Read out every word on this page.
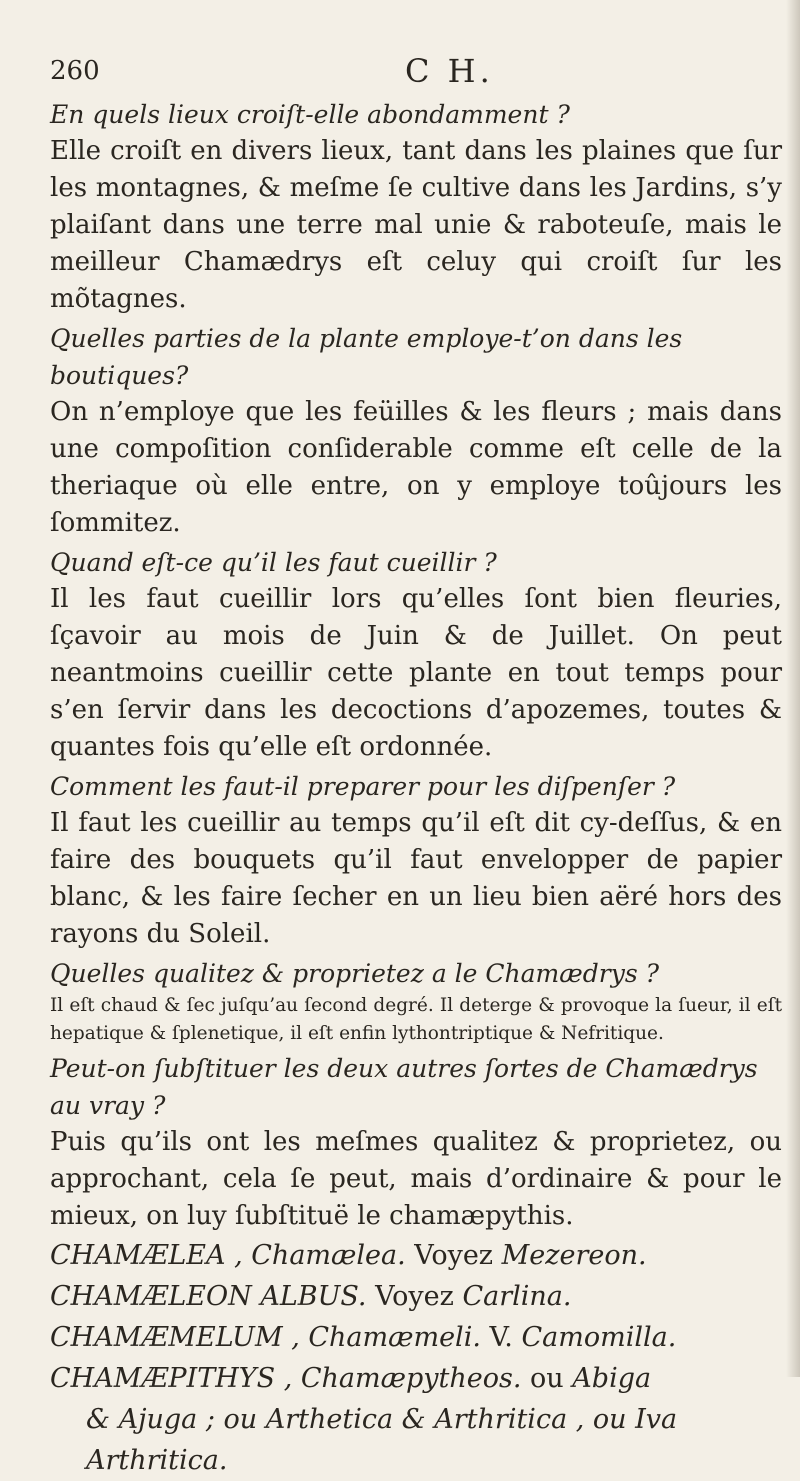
260	C H.

En quels lieux croiſt-elle abondamment ?

Elle croiſt en divers lieux, tant dans les plaines que ſur les montagnes, & meſme ſe cultive dans les Jardins, s’y plaiſant dans une terre mal unie & raboteuſe, mais le meilleur Chamædrys eſt celuy qui croiſt ſur les mõtagnes.

Quelles parties de la plante employe-t’on dans les boutiques?

On n’employe que les feüilles & les fleurs ; mais dans une compoſition conſiderable comme eſt celle de la theriaque où elle entre, on y employe toûjours les ſommitez.

Quand eſt-ce qu’il les faut cueillir ?

Il les faut cueillir lors qu’elles ſont bien fleuries, ſçavoir au mois de Juin & de Juillet. On peut neantmoins cueillir cette plante en tout temps pour s’en ſervir dans les decoctions d’apozemes, toutes & quantes fois qu’elle eſt ordonnée.

Comment les faut-il preparer pour les diſpenſer ?

Il faut les cueillir au temps qu’il eſt dit cy-deſſus, & en faire des bouquets qu’il faut envelopper de papier blanc, & les faire ſecher en un lieu bien aëré hors des rayons du Soleil.

Quelles qualitez & proprietez a le Chamædrys ?

Il eſt chaud & ſec juſqu’au ſecond degré. Il deterge & provoque la ſueur, il eſt hepatique & ſplenetique, il eſt enfin lythontriptique & Nefritique.

Peut-on ſubſtituer les deux autres ſortes de Chamædrys au vray ?

Puis qu’ils ont les meſmes qualitez & proprietez, ou approchant, cela ſe peut, mais d’ordinaire & pour le mieux, on luy ſubſtituë le chamæpythis.

CHAMÆLEA , Chamælea. Voyez Mezereon.

CHAMÆLEON ALBUS. Voyez Carlina.

CHAMÆMELUM , Chamæmeli. V. Camomilla.

CHAMÆPITHYS , Chamæpytheos. ou Abiga

& Ajuga ; ou Arthetica & Arthritica , ou Iva Arthritica.
